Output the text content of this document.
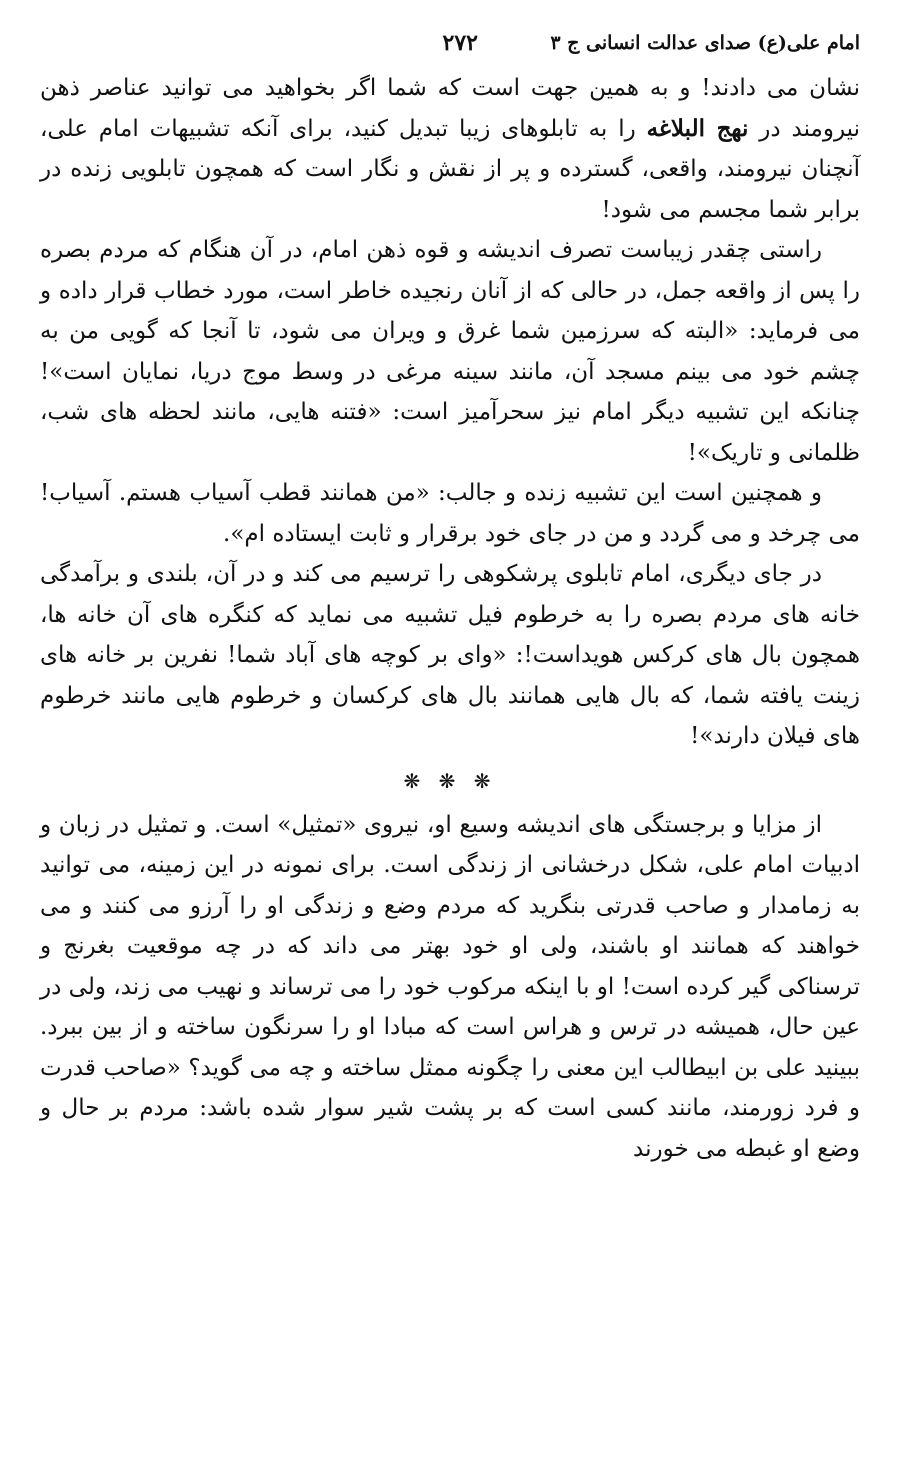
امام علی(ع) صدای عدالت انسانی ج ٣
٢٧٢

نشان می دادند! و به همین جهت است که شما اگر بخواهید می توانید عناصر ذهن نیرومند در نهج البلاغه را به تابلوهای زیبا تبدیل کنید، برای آنکه تشبیهات امام علی، آنچنان نیرومند، واقعی، گسترده و پر از نقش و نگار است که همچون تابلویی زنده در برابر شما مجسم می شود!

راستی چقدر زیباست تصرف اندیشه و قوه ذهن امام، در آن هنگام که مردم بصره را پس از واقعه جمل، در حالی که از آنان رنجیده خاطر است، مورد خطاب قرار داده و می فرماید: «البته که سرزمین شما غرق و ویران می شود، تا آنجا که گویی من به چشم خود می بینم مسجد آن، مانند سینه مرغی در وسط موج دریا، نمایان است»! چنانکه این تشبیه دیگر امام نیز سحرآمیز است: «فتنه هایی، مانند لحظه های شب، ظلمانی و تاریک»!

و همچنین است این تشبیه زنده و جالب: «من همانند قطب آسیاب هستم. آسیاب! می چرخد و می گردد و من در جای خود برقرار و ثابت ایستاده ام».

در جای دیگری، امام تابلوی پرشکوهی را ترسیم می کند و در آن، بلندی و برآمدگی خانه های مردم بصره را به خرطوم فیل تشبیه می نماید که کنگره های آن خانه ها، همچون بال های کرکس هویداست!: «وای بر کوچه های آباد شما! نفرین بر خانه های زینت یافته شما، که بال هایی همانند بال های کرکسان و خرطوم هایی مانند خرطوم های فیلان دارند»!

❋ ❋ ❋

از مزایا و برجستگی های اندیشه وسیع او، نیروی «تمثیل» است. و تمثیل در زبان و ادبیات امام علی، شکل درخشانی از زندگی است. برای نمونه در این زمینه، می توانید به زمامدار و صاحب قدرتی بنگرید که مردم وضع و زندگی او را آرزو می کنند و می خواهند که همانند او باشند، ولی او خود بهتر می داند که در چه موقعیت بغرنج و ترسناکی گیر کرده است! او با اینکه مرکوب خود را می ترساند و نهیب می زند، ولی در عین حال، همیشه در ترس و هراس است که مبادا او را سرنگون ساخته و از بین ببرد. ببینید علی بن ابیطالب این معنی را چگونه ممثل ساخته و چه می گوید؟ «صاحب قدرت و فرد زورمند، مانند کسی است که بر پشت شیر سوار شده باشد: مردم بر حال و وضع او غبطه می خورند
